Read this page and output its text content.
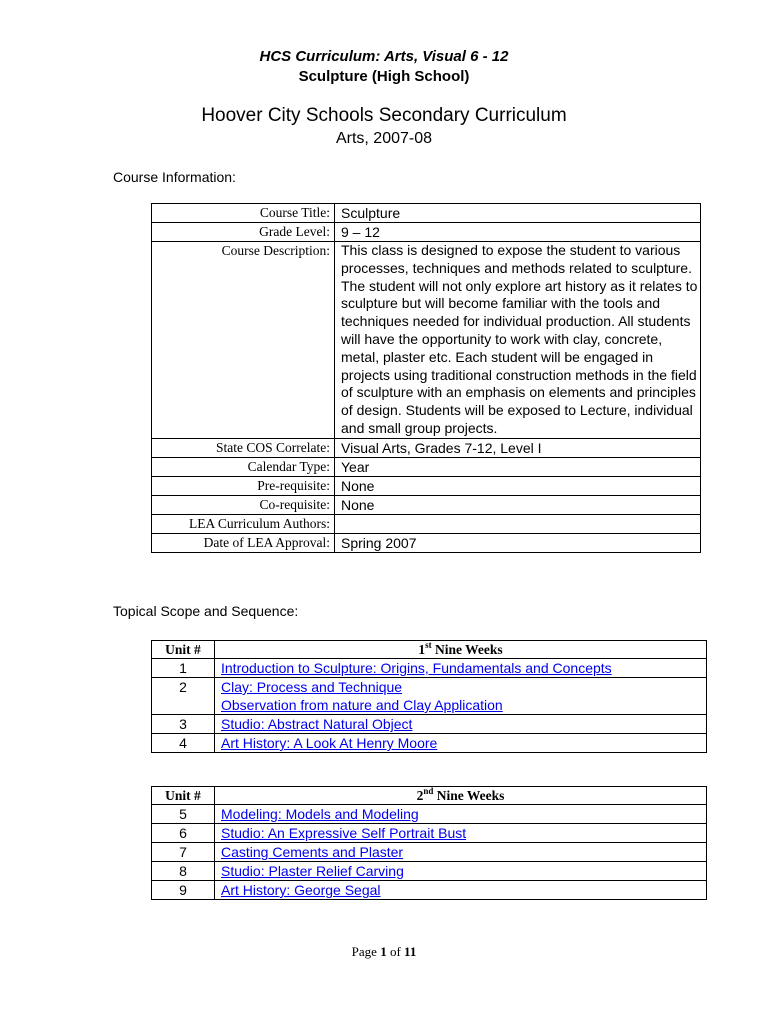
HCS Curriculum: Arts, Visual 6 - 12
Sculpture (High School)
Hoover City Schools Secondary Curriculum
Arts, 2007-08
Course Information:
Course Title:	Sculpture
Grade Level:	9 – 12
Course Description:	This class is designed to expose the student to various processes, techniques and methods related to sculpture. The student will not only explore art history as it relates to sculpture but will become familiar with the tools and techniques needed for individual production. All students will have the opportunity to work with clay, concrete, metal, plaster etc. Each student will be engaged in projects using traditional construction methods in the field of sculpture with an emphasis on elements and principles of design. Students will be exposed to Lecture, individual and small group projects.
State COS Correlate:	Visual Arts, Grades 7-12, Level I
Calendar Type:	Year
Pre-requisite:	None
Co-requisite:	None
LEA Curriculum Authors:	
Date of LEA Approval:	Spring 2007
Topical Scope and Sequence:
Unit #	1st Nine Weeks
1	Introduction to Sculpture: Origins, Fundamentals and Concepts

2	Clay: Process and Technique
Observation from nature and Clay Application

3	Studio: Abstract Natural Object

4	Art History: A Look At Henry Moore
Unit #	2nd Nine Weeks
5	Modeling: Models and Modeling

6	Studio: An Expressive Self Portrait Bust

7	Casting Cements and Plaster

8	Studio: Plaster Relief Carving

9	Art History: George Segal
Page 1 of 11
